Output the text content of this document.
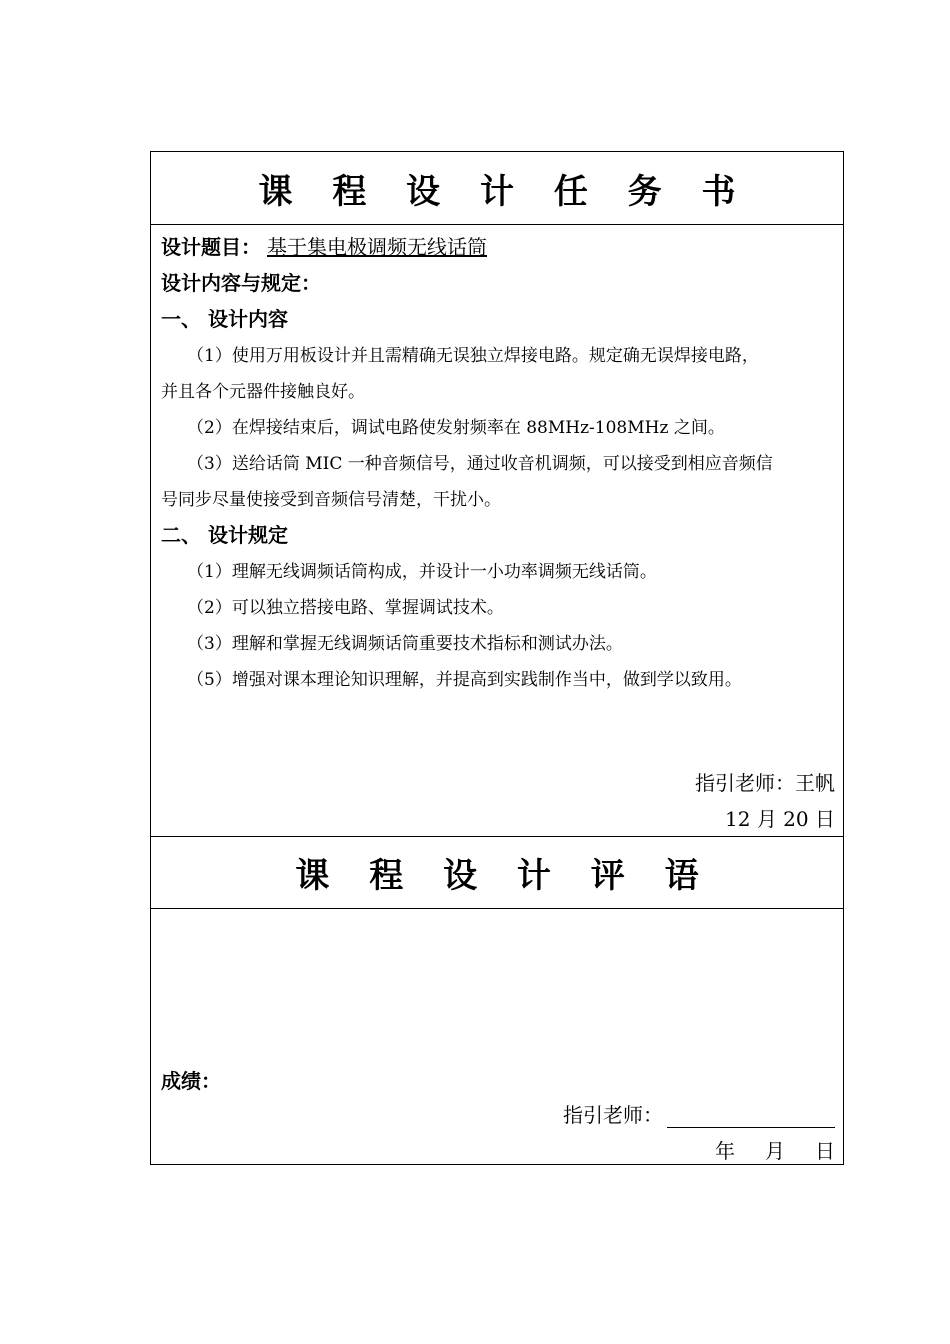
课 程 设 计 任 务 书
设计题目： 基于集电极调频无线话筒
设计内容与规定：
一、 设计内容
（1）使用万用板设计并且需精确无误独立焊接电路。规定确无误焊接电路，
并且各个元器件接触良好。
（2）在焊接结束后，调试电路使发射频率在 88MHz-108MHz 之间。
（3）送给话筒 MIC 一种音频信号，通过收音机调频，可以接受到相应音频信
号同步尽量使接受到音频信号清楚，干扰小。
二、 设计规定
（1）理解无线调频话筒构成，并设计一小功率调频无线话筒。
（2）可以独立搭接电路、掌握调试技术。
（3）理解和掌握无线调频话筒重要技术指标和测试办法。
（5）增强对课本理论知识理解，并提高到实践制作当中，做到学以致用。
指引老师：王帆
12 月 20 日
课 程 设 计 评 语
成绩：
指引老师：
年 月 日
